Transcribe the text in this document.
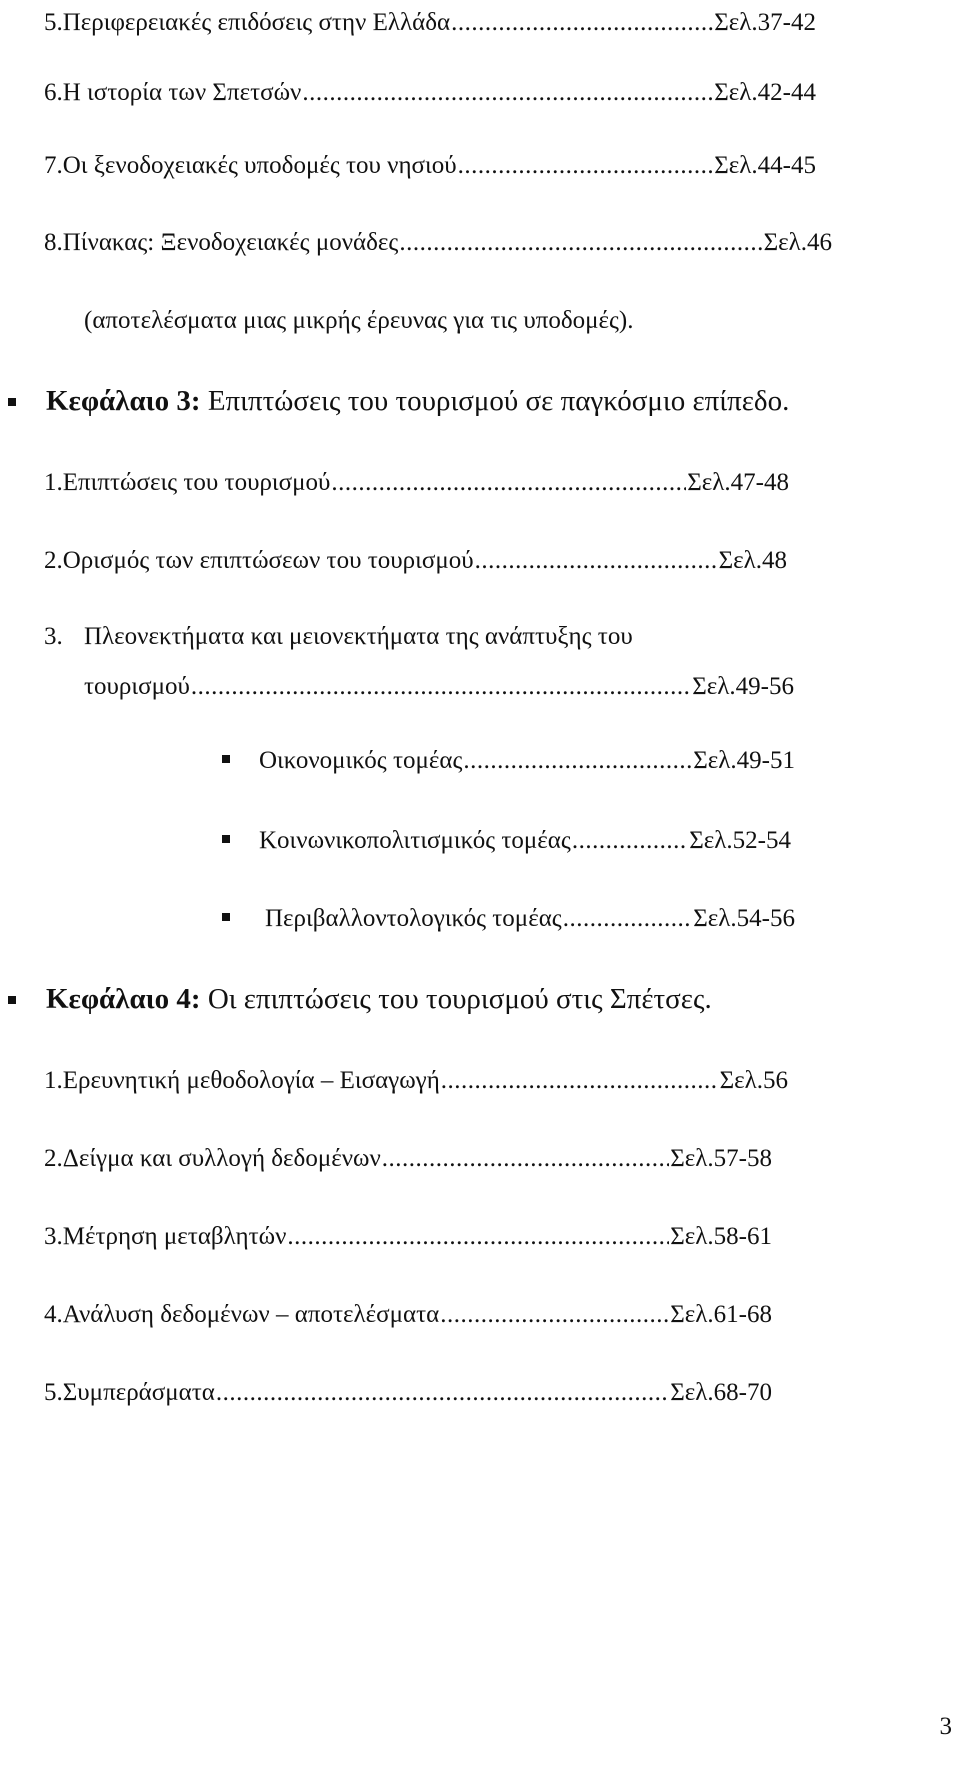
5. Περιφερειακές επιδόσεις στην Ελλάδα .....	Σελ.37-42
6. Η ιστορία των Σπετσών .....	Σελ.42-44
7. Οι ξενοδοχειακές υποδομές του νησιού .....	Σελ.44-45
8. Πίνακας: Ξενοδοχειακές μονάδες .....	Σελ.46
(αποτελέσματα μιας μικρής έρευνας για τις υποδομές).
Κεφάλαιο 3: Επιπτώσεις του τουρισμού σε παγκόσμιο επίπεδο.
1. Επιπτώσεις του τουρισμού .....	Σελ.47-48
2. Ορισμός των επιπτώσεων του τουρισμού .....	Σελ.48
3. Πλεονεκτήματα και μειονεκτήματα της ανάπτυξης του
τουρισμού .....	Σελ.49-56
Οικονομικός τομέας .....	Σελ.49-51
Κοινωνικοπολιτισμικός τομέας .....	Σελ.52-54
Περιβαλλοντολογικός τομέας .....	Σελ.54-56
Κεφάλαιο 4: Οι επιπτώσεις του τουρισμού στις Σπέτσες.
1. Ερευνητική μεθοδολογία – Εισαγωγή .....	Σελ.56
2. Δείγμα και συλλογή δεδομένων .....	Σελ.57-58
3. Μέτρηση μεταβλητών .....	Σελ.58-61
4. Ανάλυση δεδομένων – αποτελέσματα .....	Σελ.61-68
5. Συμπεράσματα .....	Σελ.68-70
3
